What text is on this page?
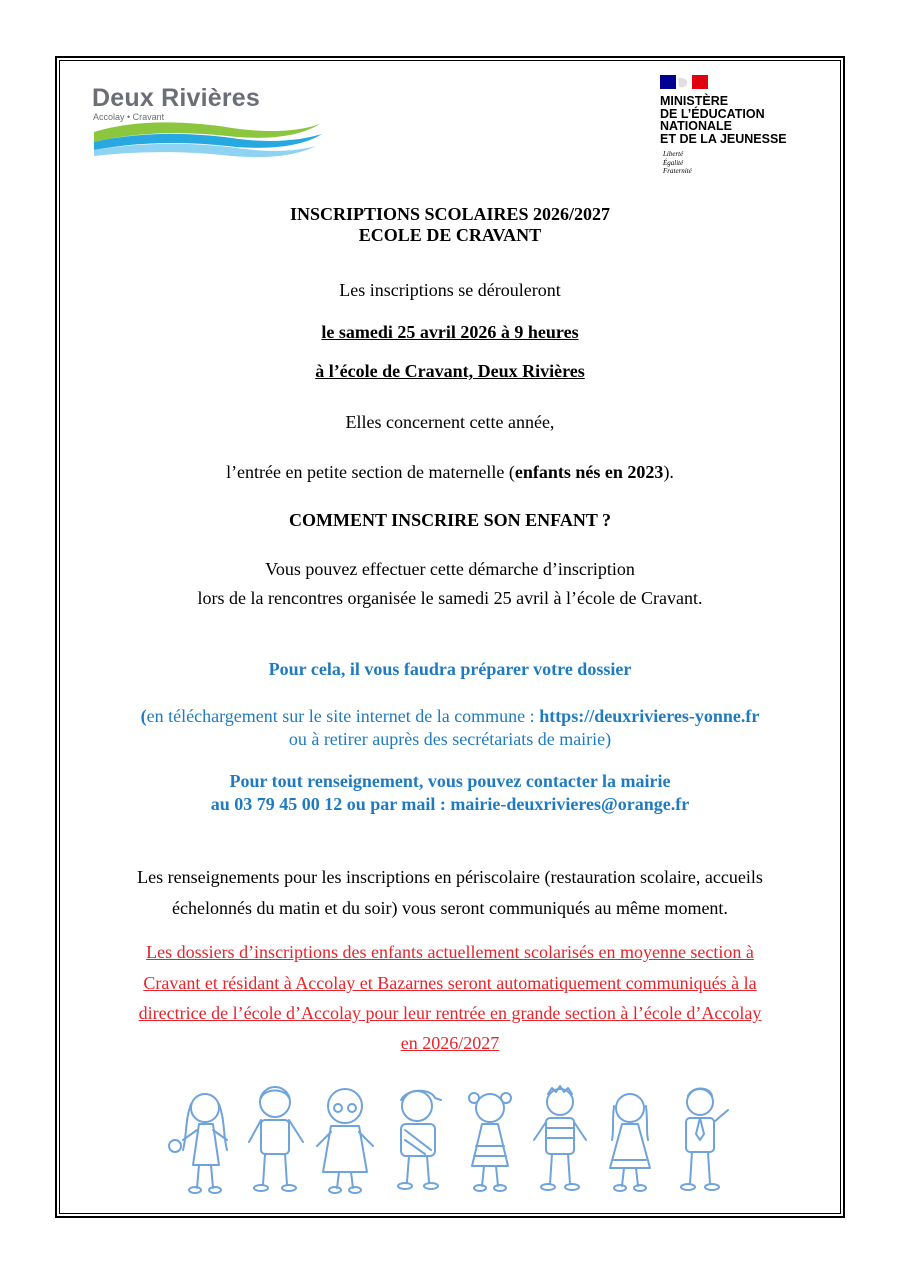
Deux Rivières
Accolay • Cravant
MINISTÈRE
DE L’ÉDUCATION
NATIONALE
ET DE LA JEUNESSE
Liberté
Égalité
Fraternité
INSCRIPTIONS SCOLAIRES 2026/2027
ECOLE DE CRAVANT
Les inscriptions se dérouleront
le samedi 25 avril 2026 à 9 heures
à l’école de Cravant, Deux Rivières
Elles concernent cette année,
l’entrée en petite section de maternelle (enfants nés en 2023).
COMMENT INSCRIRE SON ENFANT ?
Vous pouvez effectuer cette démarche d’inscription
lors de la rencontres organisée le samedi 25 avril à l’école de Cravant.
Pour cela, il vous faudra préparer votre dossier
(en téléchargement sur le site internet de la commune : https://deuxrivieres-yonne.fr
ou à retirer auprès des secrétariats de mairie)
Pour tout renseignement, vous pouvez contacter la mairie
au 03 79 45 00 12 ou par mail : mairie-deuxrivieres@orange.fr
Les renseignements pour les inscriptions en périscolaire (restauration scolaire, accueils
échelonnés du matin et du soir) vous seront communiqués au même moment.
Les dossiers d’inscriptions des enfants actuellement scolarisés en moyenne section à
Cravant et résidant à Accolay et Bazarnes seront automatiquement communiqués à la
directrice de l’école d’Accolay pour leur rentrée en grande section à l’école d’Accolay
en 2026/2027
